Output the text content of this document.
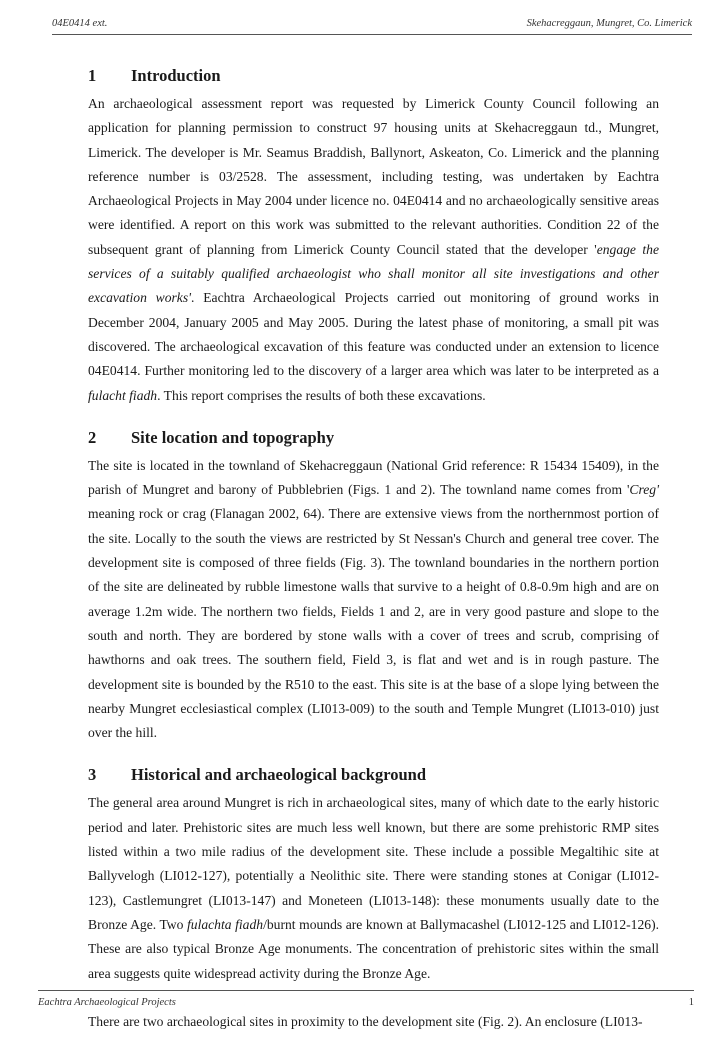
04E0414 ext.	Skehacreggaun, Mungret, Co. Limerick
1	Introduction

An archaeological assessment report was requested by Limerick County Council following an application for planning permission to construct 97 housing units at Skehacreggaun td., Mungret, Limerick. The developer is Mr. Seamus Braddish, Ballynort, Askeaton, Co. Limerick and the planning reference number is 03/2528. The assessment, including testing, was undertaken by Eachtra Archaeological Projects in May 2004 under licence no. 04E0414 and no archaeologically sensitive areas were identified. A report on this work was submitted to the relevant authorities. Condition 22 of the subsequent grant of planning from Limerick County Council stated that the developer 'engage the services of a suitably qualified archaeologist who shall monitor all site investigations and other excavation works'. Eachtra Archaeological Projects carried out monitoring of ground works in December 2004, January 2005 and May 2005. During the latest phase of monitoring, a small pit was discovered. The archaeological excavation of this feature was conducted under an extension to licence 04E0414. Further monitoring led to the discovery of a larger area which was later to be interpreted as a fulacht fiadh. This report comprises the results of both these excavations.

2	Site location and topography

The site is located in the townland of Skehacreggaun (National Grid reference: R 15434 15409), in the parish of Mungret and barony of Pubblebrien (Figs. 1 and 2). The townland name comes from 'Creg' meaning rock or crag (Flanagan 2002, 64). There are extensive views from the northernmost portion of the site. Locally to the south the views are restricted by St Nessan's Church and general tree cover. The development site is composed of three fields (Fig. 3). The townland boundaries in the northern portion of the site are delineated by rubble limestone walls that survive to a height of 0.8-0.9m high and are on average 1.2m wide. The northern two fields, Fields 1 and 2, are in very good pasture and slope to the south and north. They are bordered by stone walls with a cover of trees and scrub, comprising of hawthorns and oak trees. The southern field, Field 3, is flat and wet and is in rough pasture. The development site is bounded by the R510 to the east. This site is at the base of a slope lying between the nearby Mungret ecclesiastical complex (LI013-009) to the south and Temple Mungret (LI013-010) just over the hill.

3	Historical and archaeological background

The general area around Mungret is rich in archaeological sites, many of which date to the early historic period and later. Prehistoric sites are much less well known, but there are some prehistoric RMP sites listed within a two mile radius of the development site. These include a possible Megaltihic site at Ballyvelogh (LI012-127), potentially a Neolithic site. There were standing stones at Conigar (LI012-123), Castlemungret (LI013-147) and Moneteen (LI013-148): these monuments usually date to the Bronze Age. Two fulachta fiadh/burnt mounds are known at Ballymacashel (LI012-125 and LI012-126). These are also typical Bronze Age monuments. The concentration of prehistoric sites within the small area suggests quite widespread activity during the Bronze Age.

There are two archaeological sites in proximity to the development site (Fig. 2). An enclosure (LI013-

Eachtra Archaeological Projects	1
